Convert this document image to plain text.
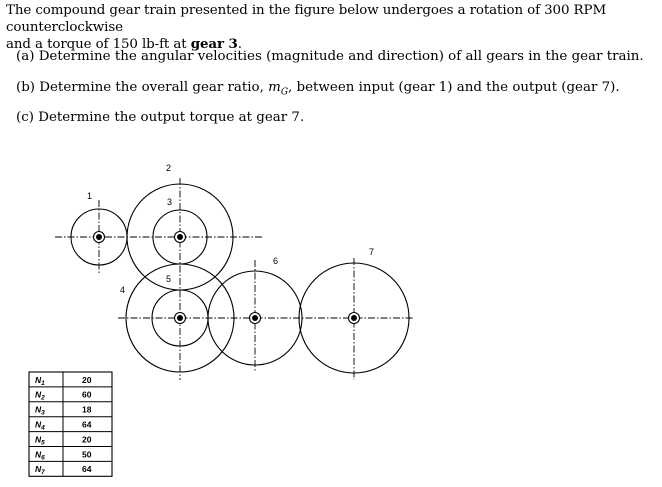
The compound gear train presented in the figure below undergoes a rotation of 300 RPM counterclockwise
and a torque of 150 lb-ft at gear 3.
(a) Determine the angular velocities (magnitude and direction) of all gears in the gear train.
(b) Determine the overall gear ratio, $m_G$, between input (gear 1) and the output (gear 7).
(c) Determine the output torque at gear 7.
1
2
3
4
5
6
7
$N_1$	20
$N_2$	60
$N_3$	18
$N_4$	64
$N_5$	20
$N_6$	50
$N_7$	64
